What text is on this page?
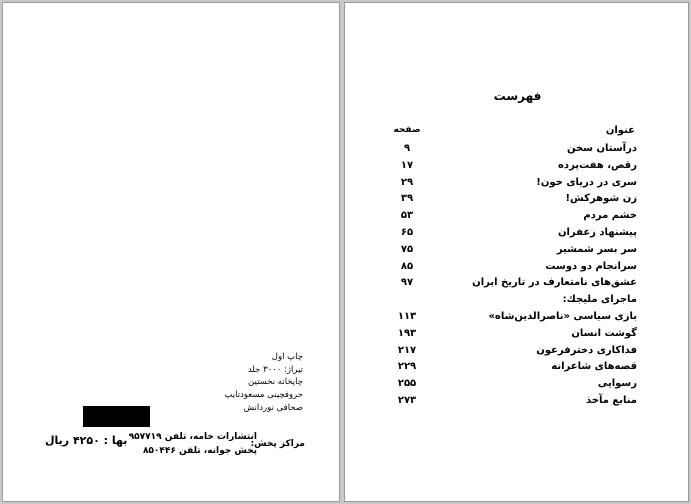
چاپ اول
تیراژ: ۳۰۰۰ جلد
چاپخانه نخستین
حروفچینی مسعودتایپ
صحافی نوردانش
مراکز پخش:
انتشارات خامه، تلفن ۹۵۷۷۱۹
پخش جوانه، تلفن ۸۵۰۴۴۶
بها : ۴۲۵۰ ریال
فهرست
عنوان
صفحه
درآستان سخن
۹
رقص، هفت‌پرده
۱۷
سری در دریای خون!
۲۹
زن شوهرکش!
۳۹
خشم مردم
۵۳
پیشنهاد زعفران
۶۵
سر بسر شمشیر
۷۵
سرانجام دو دوست
۸۵
عشق‌های نامتعارف در تاریخ ایران
۹۷
ماجرای ملیجك:
بازی سیاسی «ناصرالدین‌شاه»
۱۱۳
گوشت انسان
۱۹۳
فداکاری دخترفرعون
۲۱۷
قصه‌های شاعرانه
۲۲۹
رسوایی
۲۵۵
منابع مآخذ
۲۷۳
